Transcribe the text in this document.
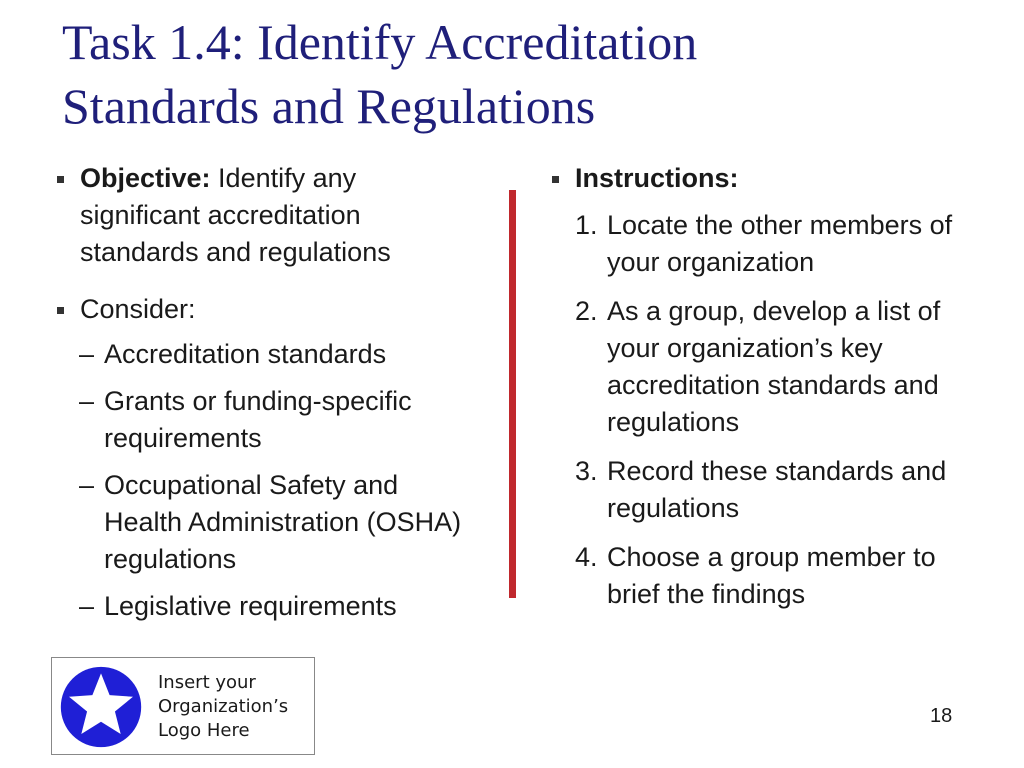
Task 1.4: Identify Accreditation
Standards and Regulations
Objective: Identify any significant accreditation standards and regulations
Consider:
– Accreditation standards
– Grants or funding-specific requirements
– Occupational Safety and Health Administration (OSHA) regulations
– Legislative requirements
Instructions:
1. Locate the other members of your organization
2. As a group, develop a list of your organization’s key accreditation standards and regulations
3. Record these standards and regulations
4. Choose a group member to brief the findings
Insert your
Organization’s
Logo Here
18
